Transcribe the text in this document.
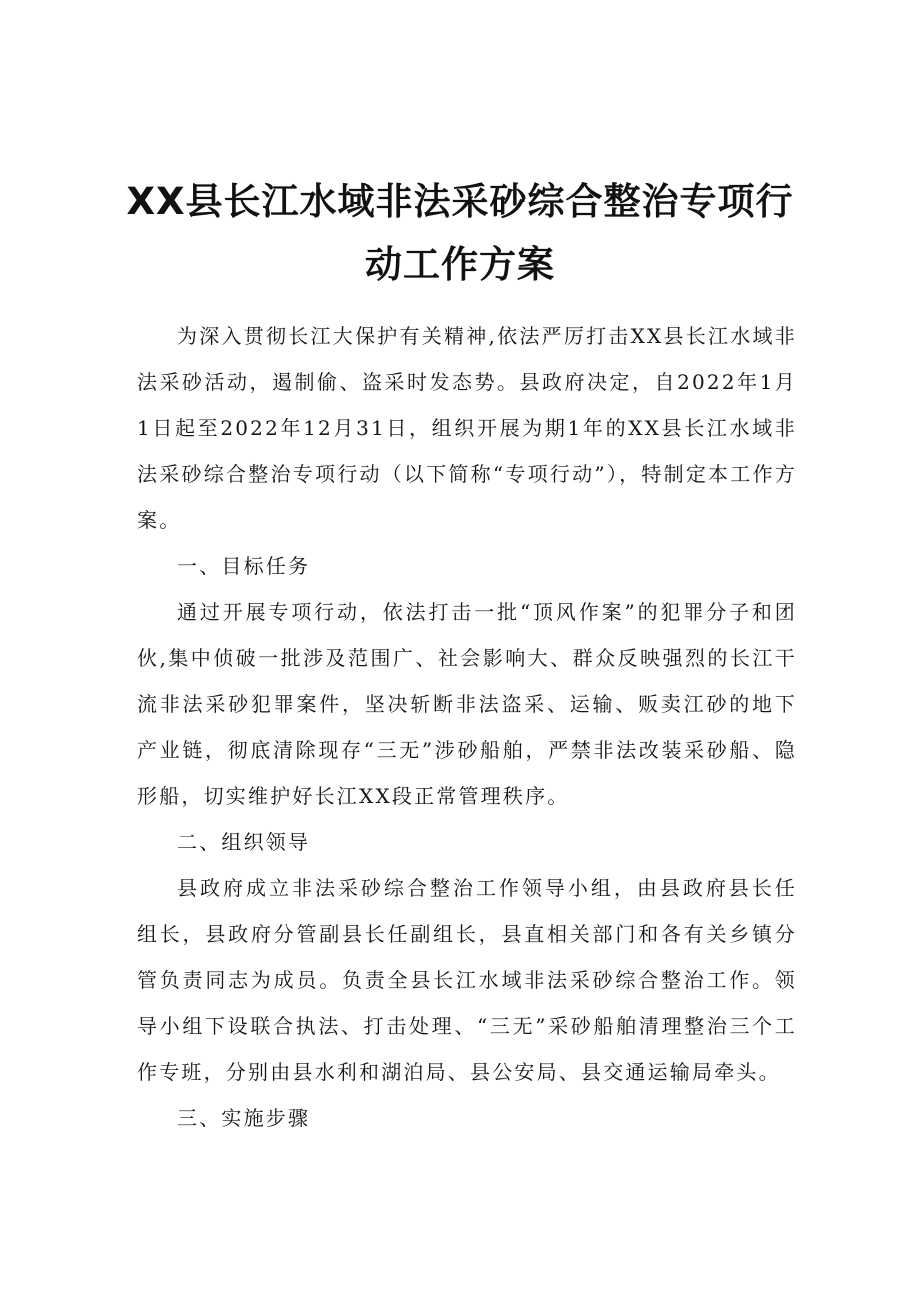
XX县长江水域非法采砂综合整治专项行
动工作方案

为深入贯彻长江大保护有关精神,依法严厉打击XX县长江水域非法采砂活动，遏制偷、盗采时发态势。县政府决定，自2022年1月1日起至2022年12月31日，组织开展为期1年的XX县长江水域非法采砂综合整治专项行动（以下简称“专项行动”），特制定本工作方案。

一、目标任务

通过开展专项行动，依法打击一批“顶风作案”的犯罪分子和团伙,集中侦破一批涉及范围广、社会影响大、群众反映强烈的长江干流非法采砂犯罪案件，坚决斩断非法盗采、运输、贩卖江砂的地下产业链，彻底清除现存“三无”涉砂船舶，严禁非法改装采砂船、隐形船，切实维护好长江XX段正常管理秩序。

二、组织领导

县政府成立非法采砂综合整治工作领导小组，由县政府县长任组长，县政府分管副县长任副组长，县直相关部门和各有关乡镇分管负责同志为成员。负责全县长江水域非法采砂综合整治工作。领导小组下设联合执法、打击处理、“三无”采砂船舶清理整治三个工作专班，分别由县水利和湖泊局、县公安局、县交通运输局牵头。

三、实施步骤
